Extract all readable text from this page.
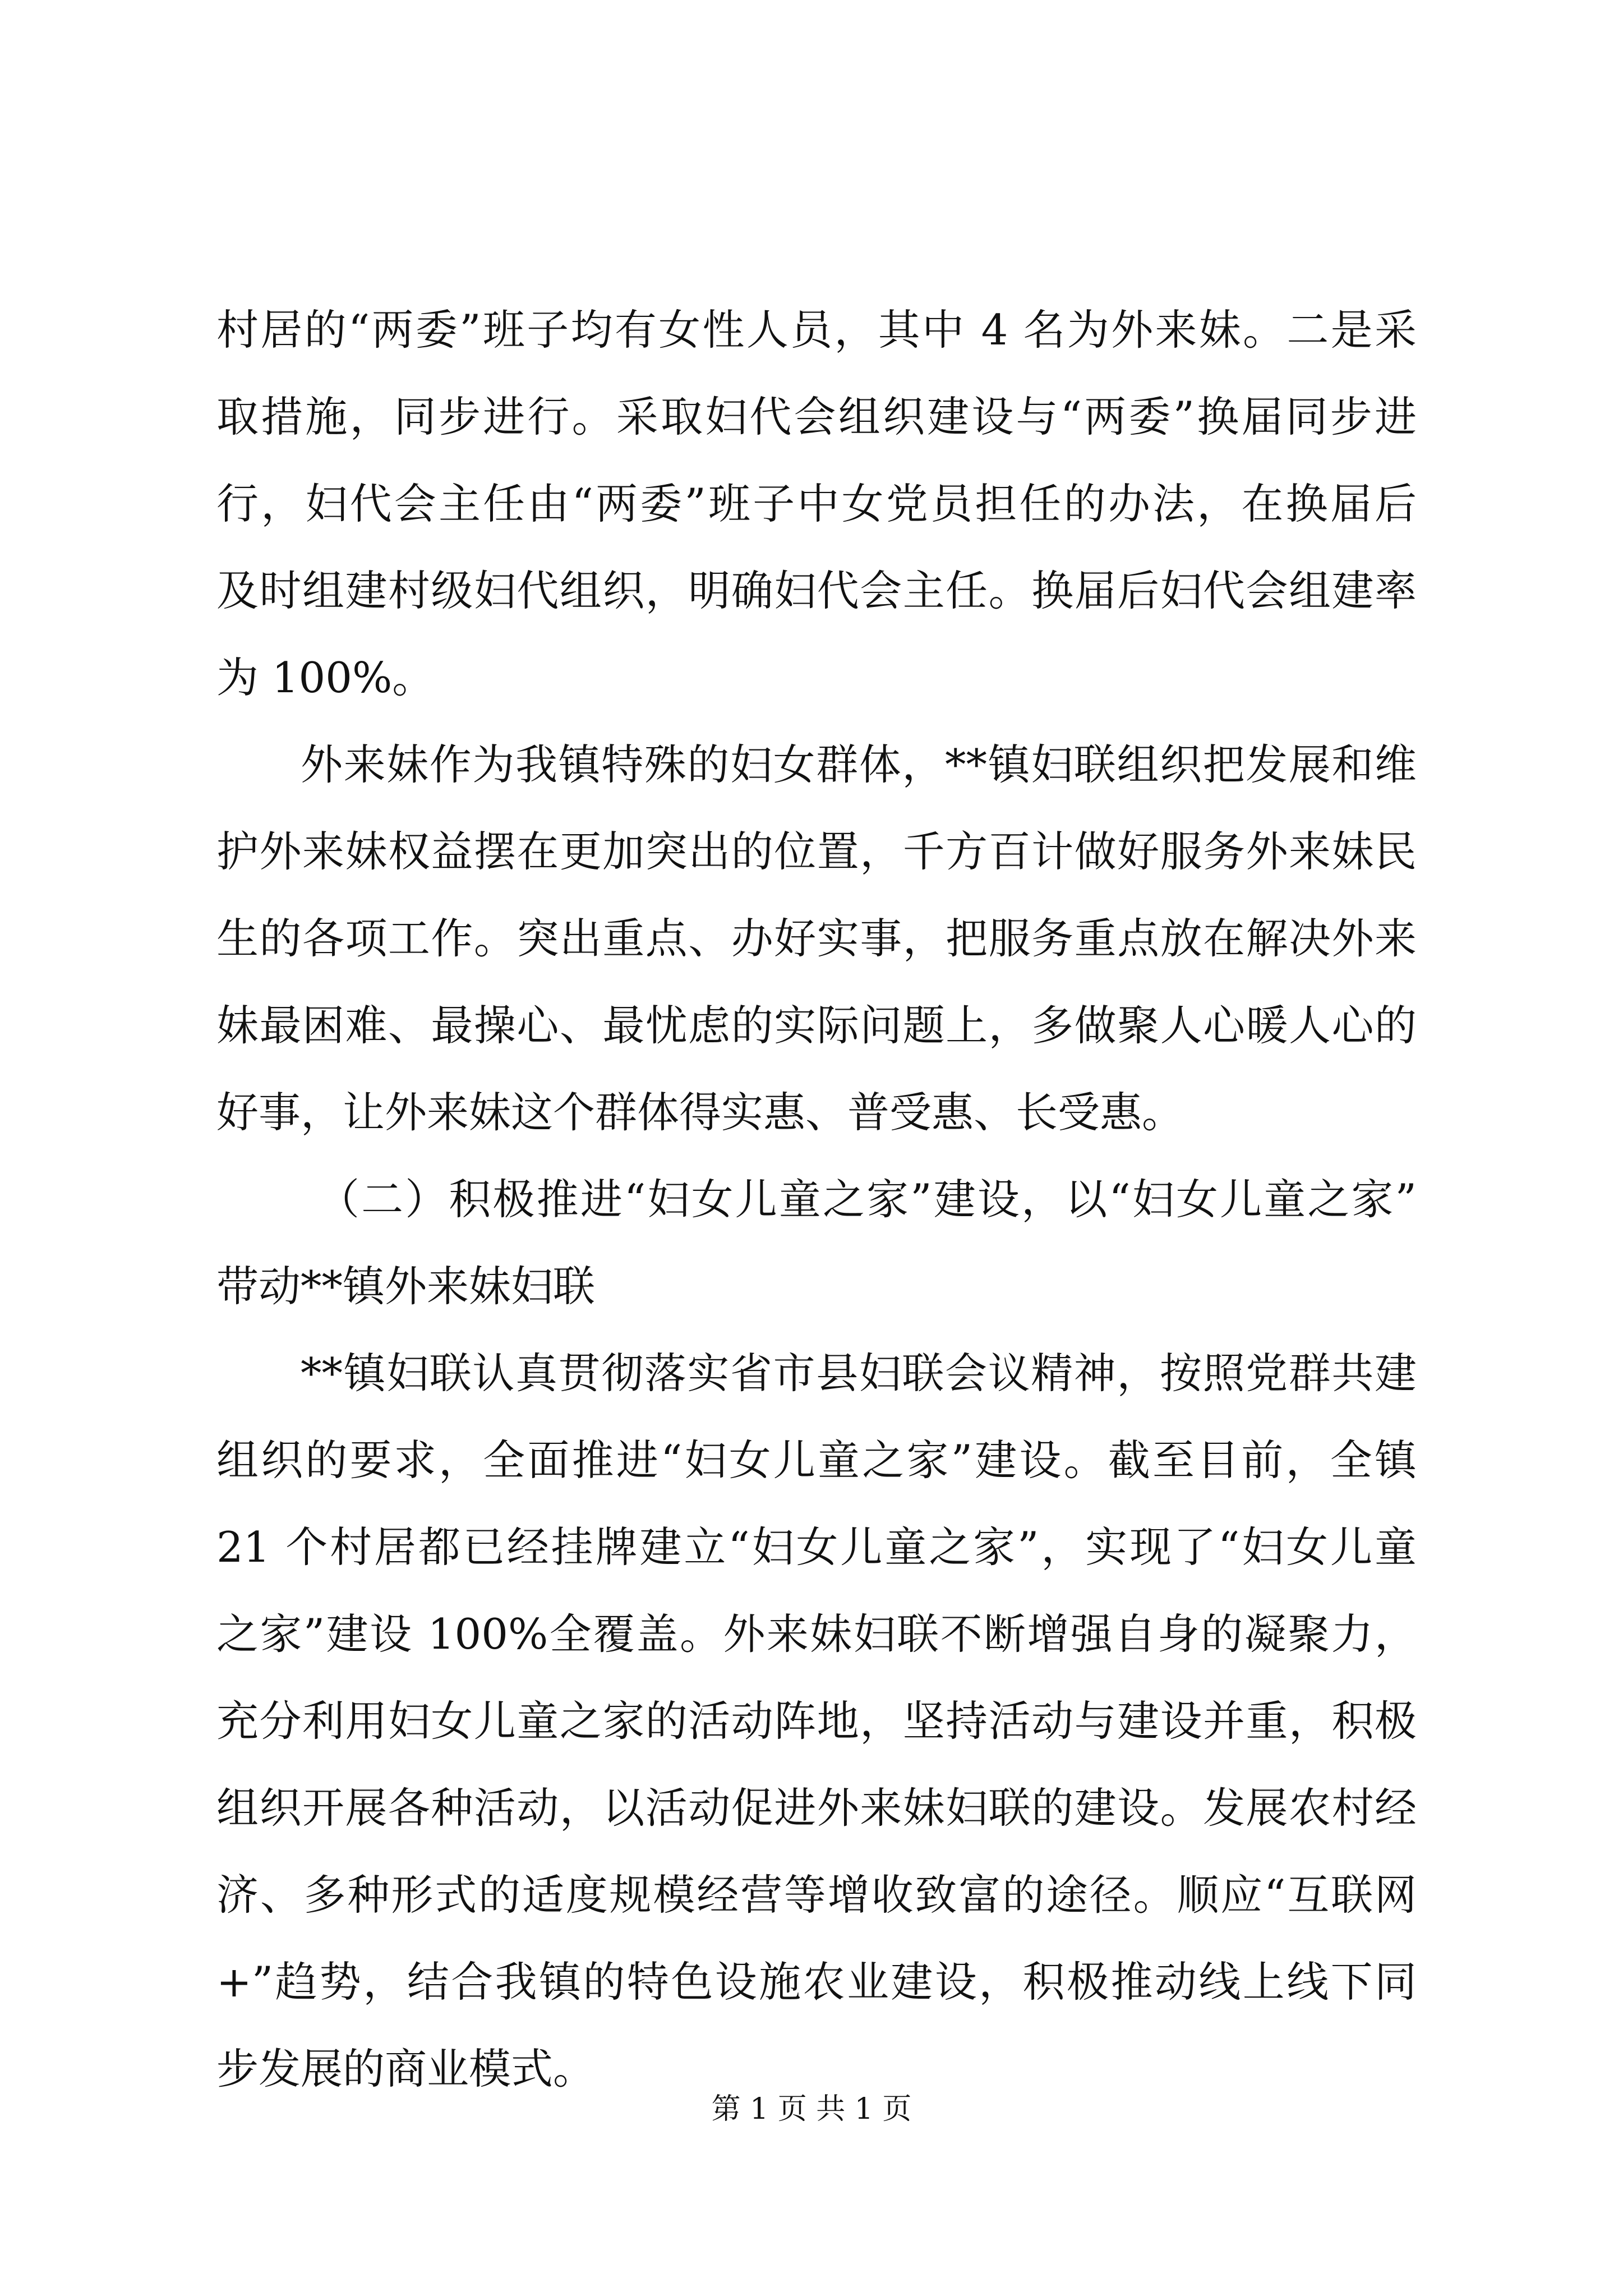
村居的“两委”班子均有女性人员，其中 4 名为外来妹。二是采
取措施，同步进行。采取妇代会组织建设与“两委”换届同步进
行，妇代会主任由“两委”班子中女党员担任的办法，在换届后
及时组建村级妇代组织，明确妇代会主任。换届后妇代会组建率
为 100%。
外来妹作为我镇特殊的妇女群体，**镇妇联组织把发展和维
护外来妹权益摆在更加突出的位置，千方百计做好服务外来妹民
生的各项工作。突出重点、办好实事，把服务重点放在解决外来
妹最困难、最操心、最忧虑的实际问题上，多做聚人心暖人心的
好事，让外来妹这个群体得实惠、普受惠、长受惠。
（二）积极推进“妇女儿童之家”建设，以“妇女儿童之家”
带动**镇外来妹妇联
**镇妇联认真贯彻落实省市县妇联会议精神，按照党群共建
组织的要求，全面推进“妇女儿童之家”建设。截至目前，全镇
21 个村居都已经挂牌建立“妇女儿童之家”，实现了“妇女儿童
之家”建设 100%全覆盖。外来妹妇联不断增强自身的凝聚力，
充分利用妇女儿童之家的活动阵地，坚持活动与建设并重，积极
组织开展各种活动，以活动促进外来妹妇联的建设。发展农村经
济、多种形式的适度规模经营等增收致富的途径。顺应“互联网
+”趋势，结合我镇的特色设施农业建设，积极推动线上线下同
步发展的商业模式。
第 1 页 共 1 页
